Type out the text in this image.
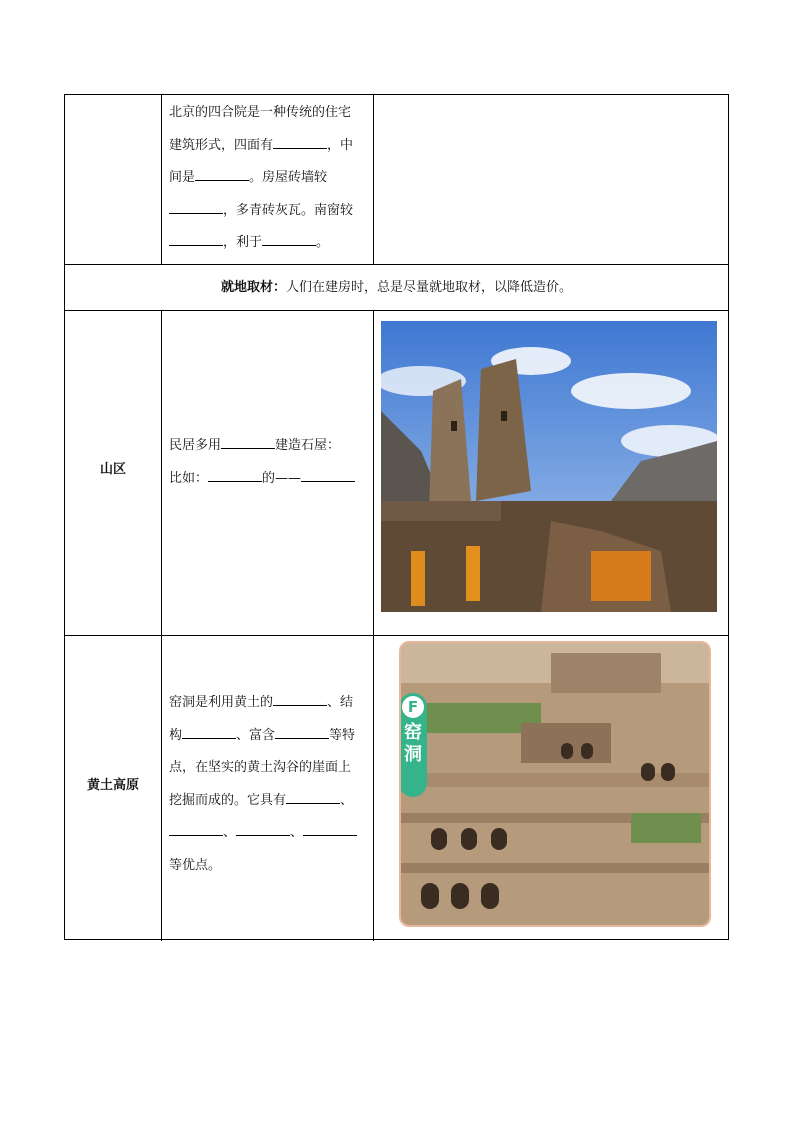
北京的四合院是一种传统的住宅
建筑形式，四面有	，中
间是	。房屋砖墙较
，多青砖灰瓦。南窗较
，利于	。
就地取材：人们在建房时，总是尽量就地取材，以降低造价。
山区
民居多用	建造石屋：
比如：	的——
黄土高原
窑洞是利用黄土的	、结
构	、富含	等特
点，在坚实的黄土沟谷的崖面上
挖掘而成的。它具有	、
、	、
等优点。
F
窑洞
